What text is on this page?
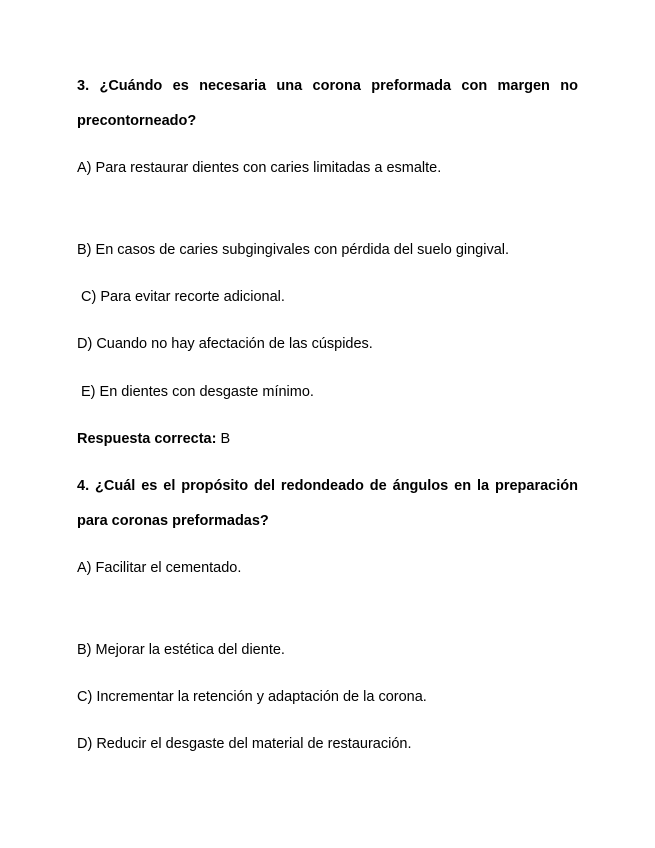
3. ¿Cuándo es necesaria una corona preformada con margen no
precontorneado?
A) Para restaurar dientes con caries limitadas a esmalte.
B) En casos de caries subgingivales con pérdida del suelo gingival.
C) Para evitar recorte adicional.
D) Cuando no hay afectación de las cúspides.
E) En dientes con desgaste mínimo.
Respuesta correcta: B
4. ¿Cuál es el propósito del redondeado de ángulos en la preparación
para coronas preformadas?
A) Facilitar el cementado.
B) Mejorar la estética del diente.
C) Incrementar la retención y adaptación de la corona.
D) Reducir el desgaste del material de restauración.
